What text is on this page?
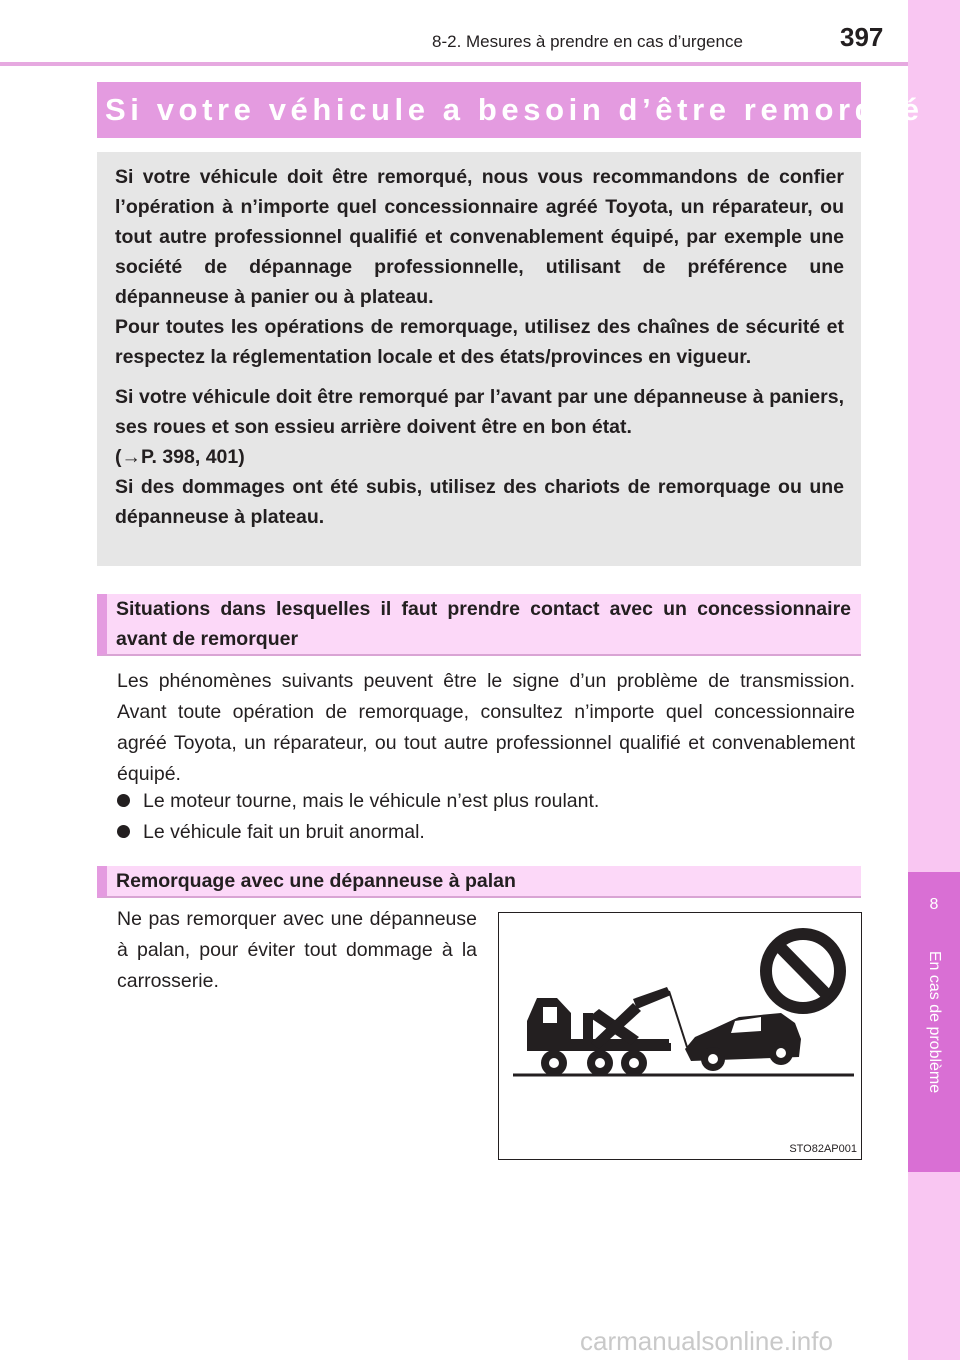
8
En cas de problème
8-2. Mesures à prendre en cas d’urgence	397
Si votre véhicule a besoin d’être remorqué

Si votre véhicule doit être remorqué, nous vous recommandons de confier l’opération à n’importe quel concessionnaire agréé Toyota, un réparateur, ou tout autre professionnel qualifié et convenablement équipé, par exemple une société de dépannage professionnelle, utilisant de préférence une dépanneuse à panier ou à plateau.

Pour toutes les opérations de remorquage, utilisez des chaînes de sécurité et respectez la réglementation locale et des états/provinces en vigueur.

Si votre véhicule doit être remorqué par l’avant par une dépanneuse à paniers, ses roues et son essieu arrière doivent être en bon état.

(→P. 398, 401)

Si des dommages ont été subis, utilisez des chariots de remorquage ou une dépanneuse à plateau.

Situations dans lesquelles il faut prendre contact avec un concessionnaire avant de remorquer

Les phénomènes suivants peuvent être le signe d’un problème de transmission. Avant toute opération de remorquage, consultez n’importe quel concessionnaire agréé Toyota, un réparateur, ou tout autre professionnel qualifié et convenablement équipé.

Le moteur tourne, mais le véhicule n’est plus roulant.
Le véhicule fait un bruit anormal.
Remorquage avec une dépanneuse à palan

Ne pas remorquer avec une dépanneuse à palan, pour éviter tout dommage à la carrosserie.

STO82AP001
carmanualsonline.info
